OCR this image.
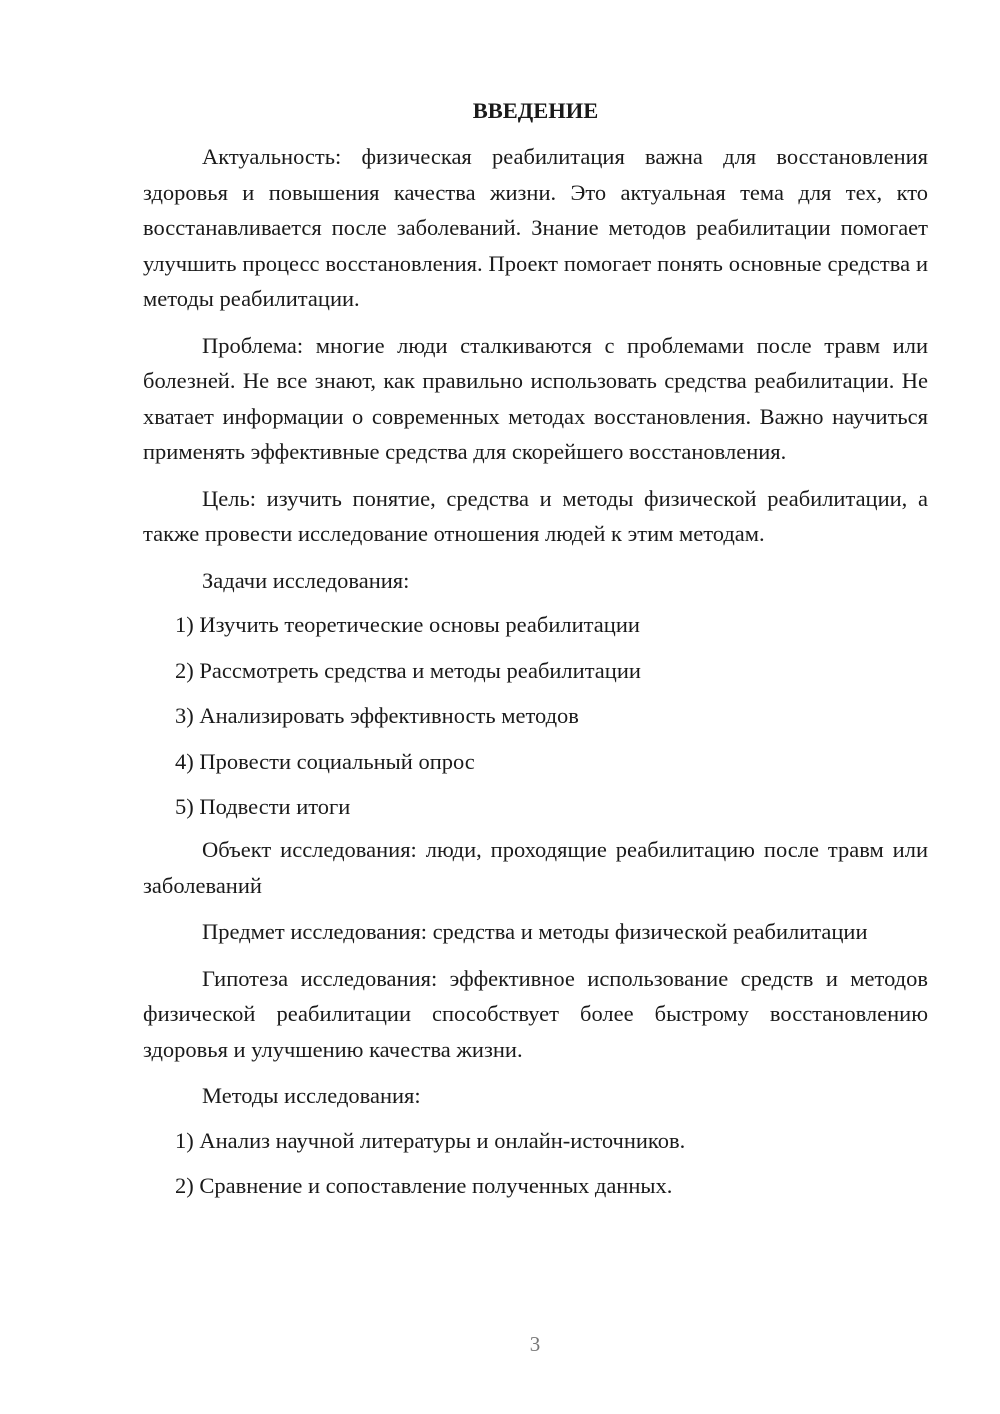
ВВЕДЕНИЕ

Актуальность: физическая реабилитация важна для восстановления здоровья и повышения качества жизни. Это актуальная тема для тех, кто восстанавливается после заболеваний. Знание методов реабилитации помогает улучшить процесс восстановления. Проект помогает понять основные средства и методы реабилитации.

Проблема: многие люди сталкиваются с проблемами после травм или болезней. Не все знают, как правильно использовать средства реабилитации. Не хватает информации о современных методах восстановления. Важно научиться применять эффективные средства для скорейшего восстановления.

Цель: изучить понятие, средства и методы физической реабилитации, а также провести исследование отношения людей к этим методам.

Задачи исследования:

1) Изучить теоретические основы реабилитации
2) Рассмотреть средства и методы реабилитации
3) Анализировать эффективность методов
4) Провести социальный опрос
5) Подвести итоги

Объект исследования: люди, проходящие реабилитацию после травм или заболеваний

Предмет исследования: средства и методы физической реабилитации

Гипотеза исследования: эффективное использование средств и методов физической реабилитации способствует более быстрому восстановлению здоровья и улучшению качества жизни.

Методы исследования:

1) Анализ научной литературы и онлайн-источников.
2) Сравнение и сопоставление полученных данных.
3
